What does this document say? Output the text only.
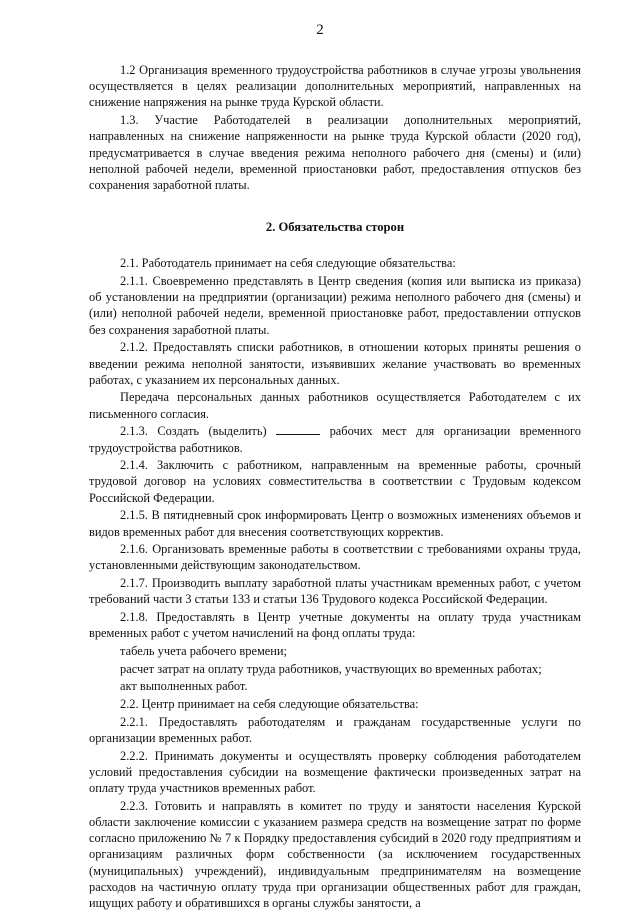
2

1.2 Организация временного трудоустройства работников в случае угрозы увольнения осуществляется в целях реализации дополнительных мероприятий, направленных на снижение напряжения на рынке труда Курской области.

1.3. Участие Работодателей в реализации дополнительных мероприятий, направленных на снижение напряженности на рынке труда Курской области (2020 год), предусматривается в случае введения режима неполного рабочего дня (смены) и (или) неполной рабочей недели, временной приостановки работ, предоставления отпусков без сохранения заработной платы.

2. Обязательства сторон

2.1. Работодатель принимает на себя следующие обязательства:

2.1.1. Своевременно представлять в Центр сведения (копия или выписка из приказа) об установлении на предприятии (организации) режима неполного рабочего дня (смены) и (или) неполной рабочей недели, временной приостановке работ, предоставлении отпусков без сохранения заработной платы.

2.1.2. Предоставлять списки работников, в отношении которых приняты решения о введении режима неполной занятости, изъявивших желание участвовать во временных работах, с указанием их персональных данных.

Передача персональных данных работников осуществляется Работодателем с их письменного согласия.

2.1.3. Создать (выделить)	рабочих мест для организации временного трудоустройства работников.

2.1.4. Заключить с работником, направленным на временные работы, срочный трудовой договор на условиях совместительства в соответствии с Трудовым кодексом Российской Федерации.

2.1.5. В пятидневный срок информировать Центр о возможных изменениях объемов и видов временных работ для внесения соответствующих корректив.

2.1.6. Организовать временные работы в соответствии с требованиями охраны труда, установленными действующим законодательством.

2.1.7. Производить выплату заработной платы участникам временных работ, с учетом требований части 3 статьи 133 и статьи 136 Трудового кодекса Российской Федерации.

2.1.8. Предоставлять в Центр учетные документы на оплату труда участникам временных работ с учетом начислений на фонд оплаты труда:

табель учета рабочего времени;

расчет затрат на оплату труда работников, участвующих во временных работах;

акт выполненных работ.

2.2. Центр принимает на себя следующие обязательства:

2.2.1. Предоставлять работодателям и гражданам государственные услуги по организации временных работ.

2.2.2. Принимать документы и осуществлять проверку соблюдения работодателем условий предоставления субсидии на возмещение фактически произведенных затрат на оплату труда участников временных работ.

2.2.3. Готовить и направлять в комитет по труду и занятости населения Курской области заключение комиссии с указанием размера средств на возмещение затрат по форме согласно приложению № 7 к Порядку предоставления субсидий в 2020 году предприятиям и организациям различных форм собственности (за исключением государственных (муниципальных) учреждений), индивидуальным предпринимателям на возмещение расходов на частичную оплату труда при организации общественных работ для граждан, ищущих работу и обратившихся в органы службы занятости, а
